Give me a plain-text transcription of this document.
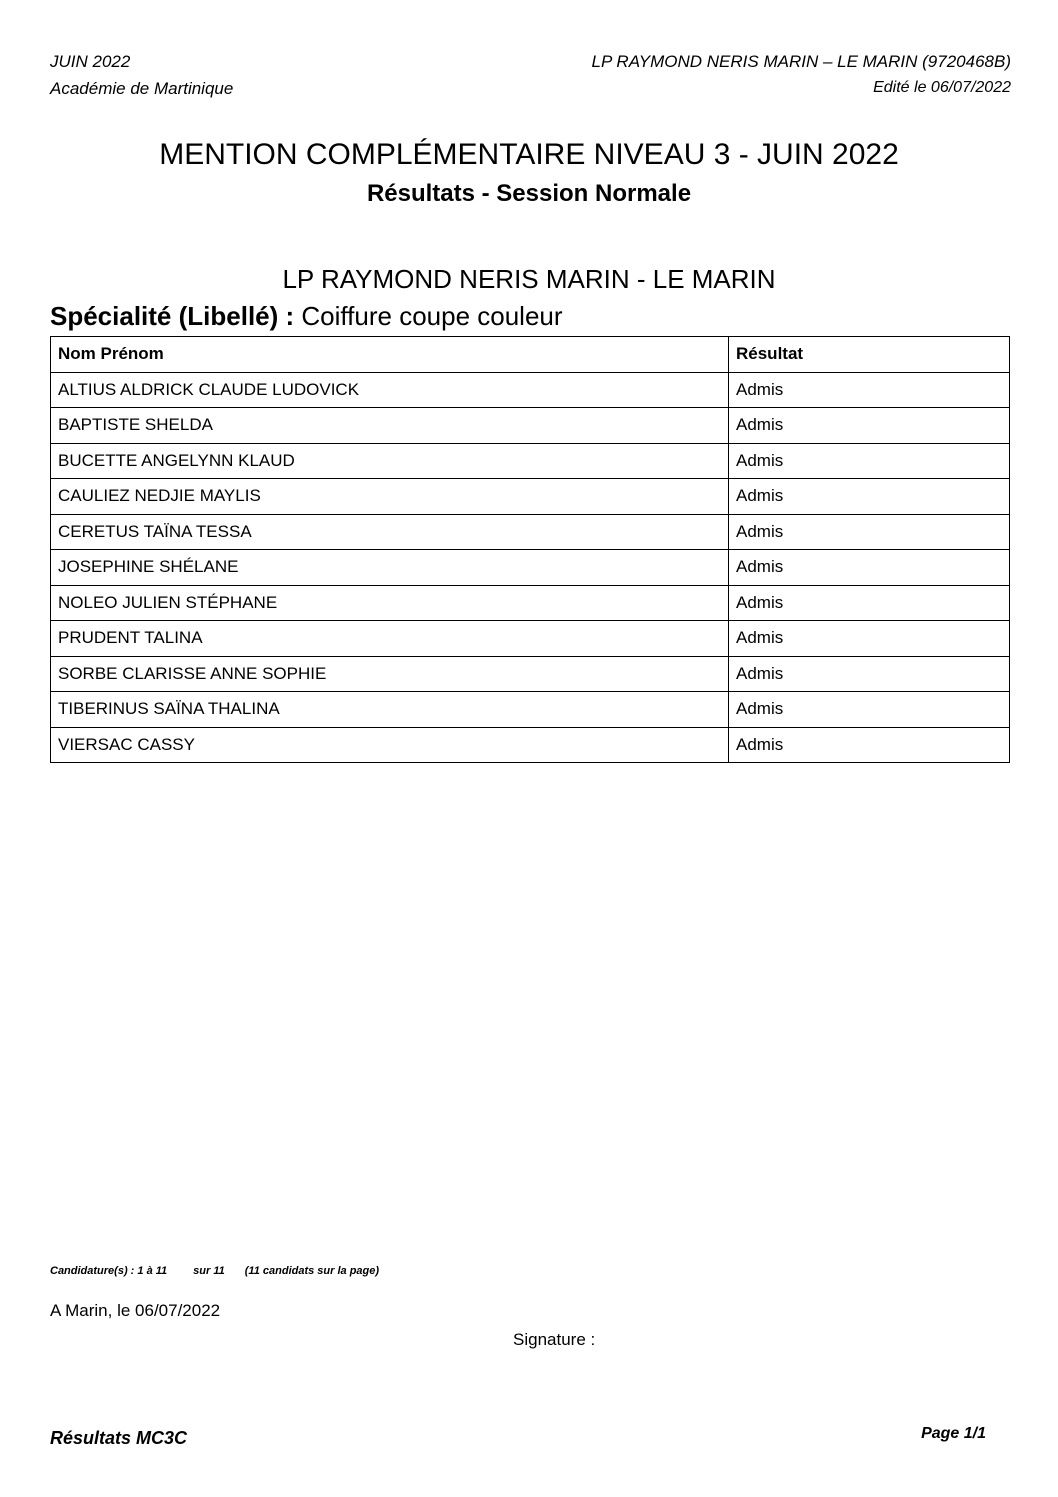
JUIN 2022
Académie de Martinique
LP RAYMOND NERIS MARIN – LE MARIN (9720468B)
Edité le 06/07/2022
MENTION COMPLÉMENTAIRE NIVEAU 3 - JUIN 2022
Résultats - Session Normale
LP RAYMOND NERIS MARIN - LE MARIN
Spécialité (Libellé) : Coiffure coupe couleur
Nom Prénom	Résultat
ALTIUS ALDRICK CLAUDE LUDOVICK	Admis
BAPTISTE SHELDA	Admis
BUCETTE ANGELYNN KLAUD	Admis
CAULIEZ NEDJIE MAYLIS	Admis
CERETUS TAÏNA TESSA	Admis
JOSEPHINE SHÉLANE	Admis
NOLEO JULIEN STÉPHANE	Admis
PRUDENT TALINA	Admis
SORBE CLARISSE ANNE SOPHIE	Admis
TIBERINUS SAÏNA THALINA	Admis
VIERSAC CASSY	Admis
Candidature(s) : 1 à 11 sur 11 (11 candidats sur la page)
A Marin, le 06/07/2022
Signature :
Résultats MC3C	Page 1/1
